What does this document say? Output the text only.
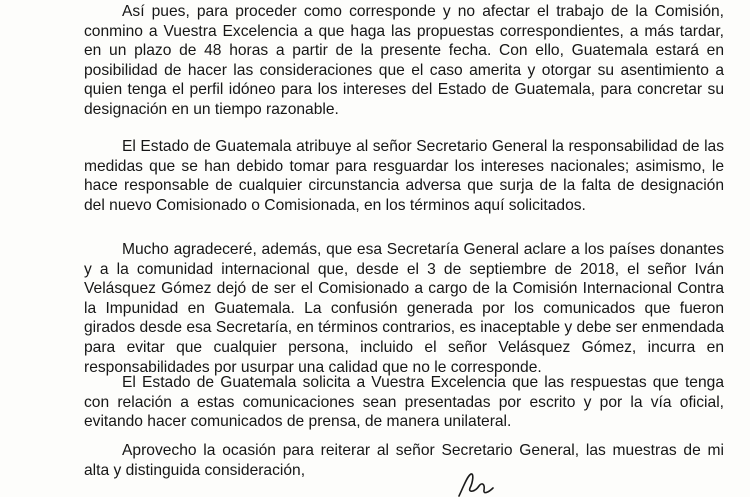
Así pues, para proceder como corresponde y no afectar el trabajo de la Comisión, conmino a Vuestra Excelencia a que haga las propuestas correspondientes, a más tardar, en un plazo de 48 horas a partir de la presente fecha. Con ello, Guatemala estará en posibilidad de hacer las consideraciones que el caso amerita y otorgar su asentimiento a quien tenga el perfil idóneo para los intereses del Estado de Guatemala, para concretar su designación en un tiempo razonable.

El Estado de Guatemala atribuye al señor Secretario General la responsabilidad de las medidas que se han debido tomar para resguardar los intereses nacionales; asimismo, le hace responsable de cualquier circunstancia adversa que surja de la falta de designación del nuevo Comisionado o Comisionada, en los términos aquí solicitados.

Mucho agradeceré, además, que esa Secretaría General aclare a los países donantes y a la comunidad internacional que, desde el 3 de septiembre de 2018, el señor Iván Velásquez Gómez dejó de ser el Comisionado a cargo de la Comisión Internacional Contra la Impunidad en Guatemala. La confusión generada por los comunicados que fueron girados desde esa Secretaría, en términos contrarios, es inaceptable y debe ser enmendada para evitar que cualquier persona, incluido el señor Velásquez Gómez, incurra en responsabilidades por usurpar una calidad que no le corresponde.

El Estado de Guatemala solicita a Vuestra Excelencia que las respuestas que tenga con relación a estas comunicaciones sean presentadas por escrito y por la vía oficial, evitando hacer comunicados de prensa, de manera unilateral.

Aprovecho la ocasión para reiterar al señor Secretario General, las muestras de mi alta y distinguida consideración,
